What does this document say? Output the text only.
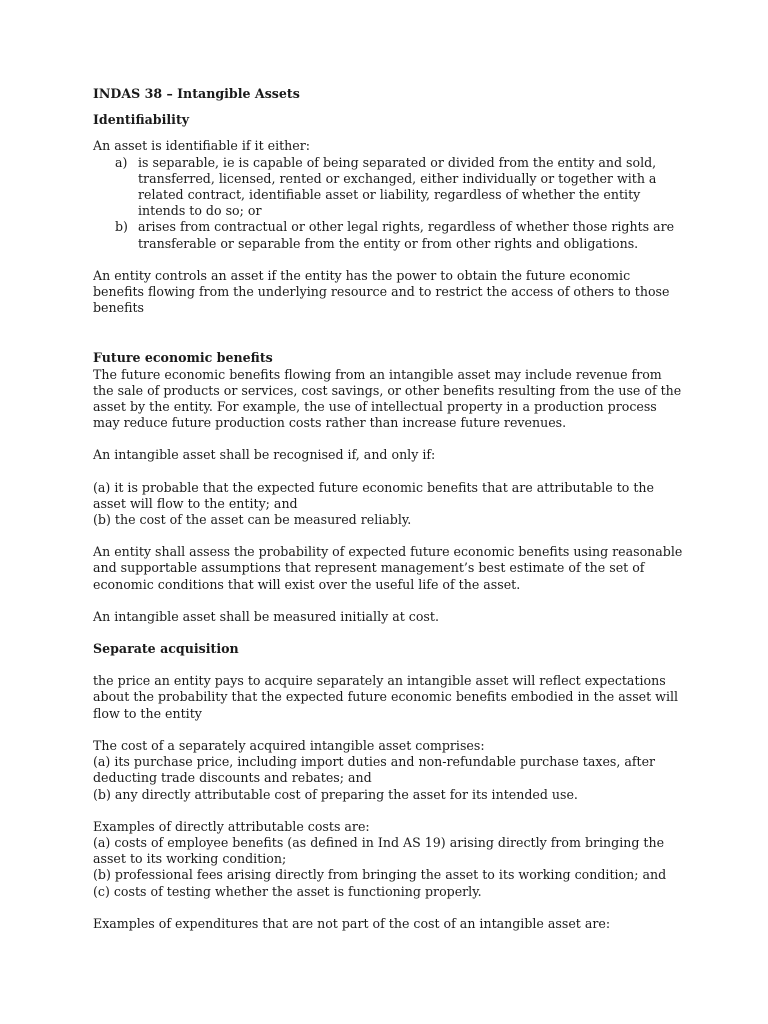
INDAS 38 – Intangible Assets

Identifiability

An asset is identifiable if it either:

a) is separable, ie is capable of being separated or divided from the entity and sold, transferred, licensed, rented or exchanged, either individually or together with a related contract, identifiable asset or liability, regardless of whether the entity intends to do so; or
b) arises from contractual or other legal rights, regardless of whether those rights are transferable or separable from the entity or from other rights and obligations.

An entity controls an asset if the entity has the power to obtain the future economic benefits flowing from the underlying resource and to restrict the access of others to those benefits

Future economic benefits

The future economic benefits flowing from an intangible asset may include revenue from the sale of products or services, cost savings, or other benefits resulting from the use of the asset by the entity. For example, the use of intellectual property in a production process may reduce future production costs rather than increase future revenues.

An intangible asset shall be recognised if, and only if:

(a) it is probable that the expected future economic benefits that are attributable to the asset will flow to the entity; and

(b) the cost of the asset can be measured reliably.

An entity shall assess the probability of expected future economic benefits using reasonable and supportable assumptions that represent management’s best estimate of the set of economic conditions that will exist over the useful life of the asset.

An intangible asset shall be measured initially at cost.

Separate acquisition

the price an entity pays to acquire separately an intangible asset will reflect expectations about the probability that the expected future economic benefits embodied in the asset will flow to the entity

The cost of a separately acquired intangible asset comprises:

(a) its purchase price, including import duties and non-refundable purchase taxes, after deducting trade discounts and rebates; and

(b) any directly attributable cost of preparing the asset for its intended use.

Examples of directly attributable costs are:

(a) costs of employee benefits (as defined in Ind AS 19) arising directly from bringing the asset to its working condition;

(b) professional fees arising directly from bringing the asset to its working condition; and

(c) costs of testing whether the asset is functioning properly.

Examples of expenditures that are not part of the cost of an intangible asset are:
